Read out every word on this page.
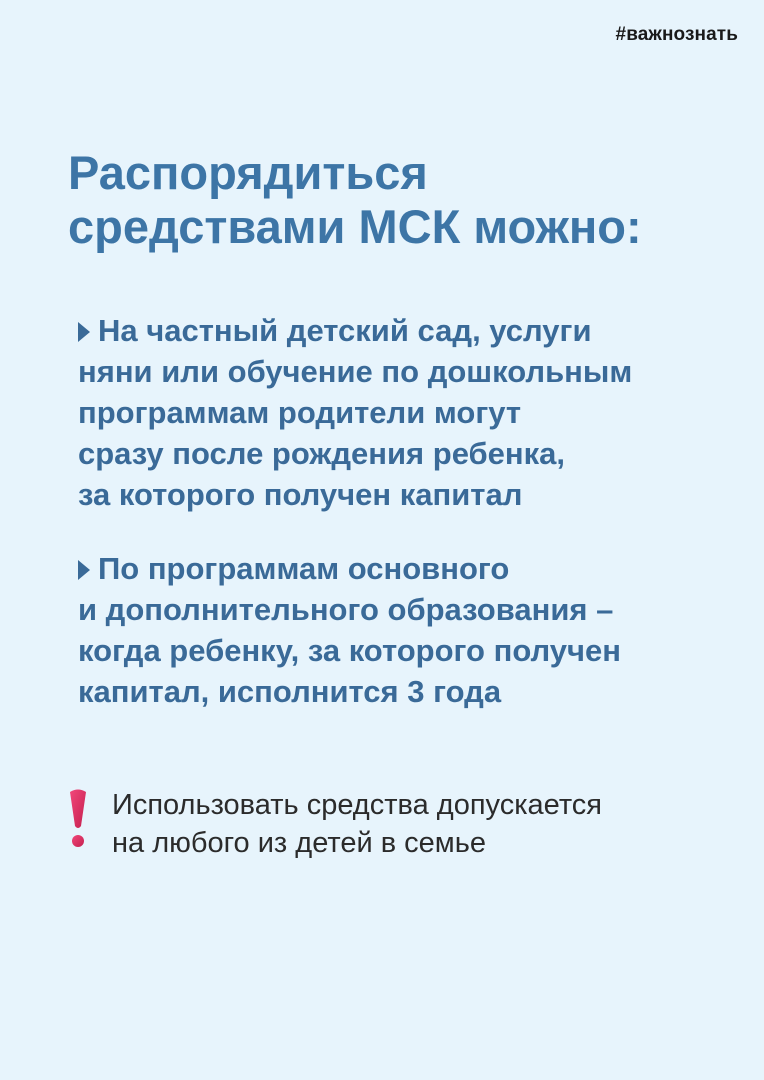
#важнознать
Распорядиться
средствами МСК можно:
На частный детский сад, услуги
няни или обучение по дошкольным
программам родители могут
сразу после рождения ребенка,
за которого получен капитал
По программам основного
и дополнительного образования –
когда ребенку, за которого получен
капитал, исполнится 3 года
Использовать средства допускается
на любого из детей в семье
